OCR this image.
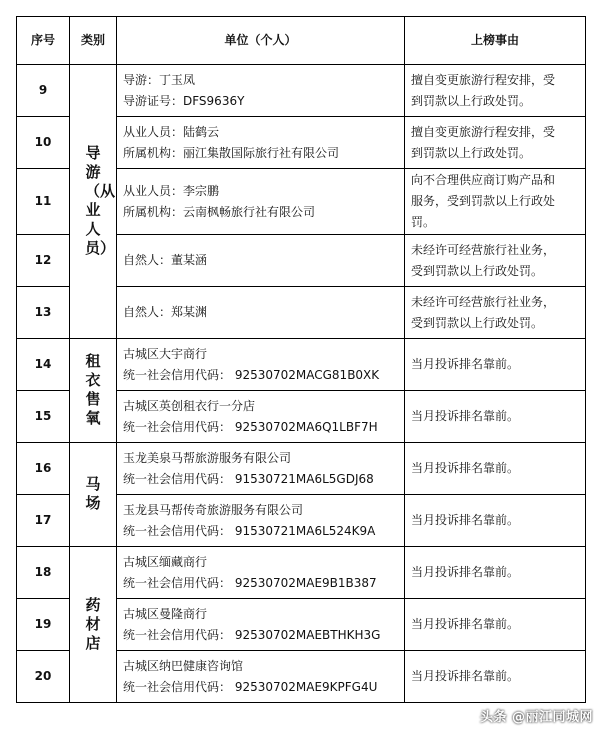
序号	类别	单位（个人）	上榜事由
9	导游（从业人员）	导游：丁玉凤
导游证号：DFS9636Y	擅自变更旅游行程安排，受
到罚款以上行政处罚。

10		从业人员：陆鹤云
所属机构：丽江集散国际旅行社有限公司	擅自变更旅游行程安排，受
到罚款以上行政处罚。

11		从业人员：李宗鹏
所属机构：云南枫畅旅行社有限公司	向不合理供应商订购产品和
服务，受到罚款以上行政处
罚。

12		自然人：董某涵	未经许可经营旅行社业务，
受到罚款以上行政处罚。

13		自然人：郑某渊	未经许可经营旅行社业务，
受到罚款以上行政处罚。

14	租衣售氧	古城区大宇商行
统一社会信用代码： 92530702MACG81B0XK	当月投诉排名靠前。

15		古城区英创租衣行一分店
统一社会信用代码： 92530702MA6Q1LBF7H	当月投诉排名靠前。

16	马场	玉龙美泉马帮旅游服务有限公司
统一社会信用代码： 91530721MA6L5GDJ68	当月投诉排名靠前。

17		玉龙县马帮传奇旅游服务有限公司
统一社会信用代码： 91530721MA6L524K9A	当月投诉排名靠前。

18	药材店	古城区缅藏商行
统一社会信用代码： 92530702MAE9B1B387	当月投诉排名靠前。

19		古城区曼隆商行
统一社会信用代码： 92530702MAEBTHKH3G	当月投诉排名靠前。

20		古城区纳巴健康咨询馆
统一社会信用代码： 92530702MAE9KPFG4U	当月投诉排名靠前。
头条 @丽江同城网
